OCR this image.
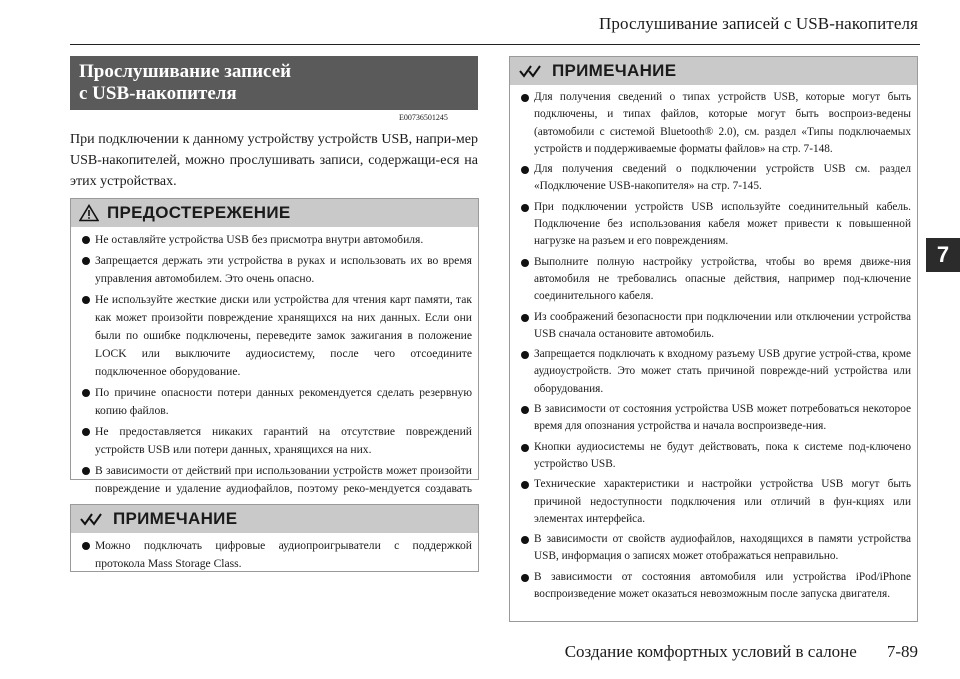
Прослушивание записей с USB-накопителя
7
Прослушивание записей
с USB-накопителя
E00736501245
При подключении к данному устройству устройств USB, напри-мер USB-накопителей, можно прослушивать записи, содержащи-еся на этих устройствах.
ПРЕДОСТЕРЕЖЕНИЕ
Не оставляйте устройства USB без присмотра внутри автомобиля.
Запрещается держать эти устройства в руках и использовать их во время управления автомобилем. Это очень опасно.
Не используйте жесткие диски или устройства для чтения карт памяти, так как может произойти повреждение хранящихся на них данных. Если они были по ошибке подключены, переведите замок зажигания в положение LOCK или выключите аудиосистему, после чего отсоедините подключенное оборудование.
По причине опасности потери данных рекомендуется сделать резервную копию файлов.
Не предоставляется никаких гарантий на отсутствие повреждений устройств USB или потери данных, хранящихся на них.
В зависимости от действий при использовании устройств может произойти повреждение и удаление аудиофайлов, поэтому реко-мендуется создавать
ПРИМЕЧАНИЕ
Можно подключать цифровые аудиопроигрыватели с поддержкой протокола Mass Storage Class.
ПРИМЕЧАНИЕ
Для получения сведений о типах устройств USB, которые могут быть подключены, и типах файлов, которые могут быть воспроиз-ведены (автомобили с системой Bluetooth® 2.0), см. раздел «Типы подключаемых устройств и поддерживаемые форматы файлов» на стр. 7-148.
Для получения сведений о подключении устройств USB см. раздел «Подключение USB-накопителя» на стр. 7-145.
При подключении устройств USB используйте соединительный кабель. Подключение без использования кабеля может привести к повышенной нагрузке на разъем и его повреждениям.
Выполните полную настройку устройства, чтобы во время движе-ния автомобиля не требовались опасные действия, например под-ключение соединительного кабеля.
Из соображений безопасности при подключении или отключении устройства USB сначала остановите автомобиль.
Запрещается подключать к входному разъему USB другие устрой-ства, кроме аудиоустройств. Это может стать причиной поврежде-ний устройства или оборудования.
В зависимости от состояния устройства USB может потребоваться некоторое время для опознания устройства и начала воспроизведе-ния.
Кнопки аудиосистемы не будут действовать, пока к системе под-ключено устройство USB.
Технические характеристики и настройки устройства USB могут быть причиной недоступности подключения или отличий в фун-кциях или элементах интерфейса.
В зависимости от свойств аудиофайлов, находящихся в памяти устройства USB, информация о записях может отображаться неправильно.
В зависимости от состояния автомобиля или устройства iPod/iPhone воспроизведение может оказаться невозможным после запуска двигателя.
Создание комфортных условий в салоне 7-89
